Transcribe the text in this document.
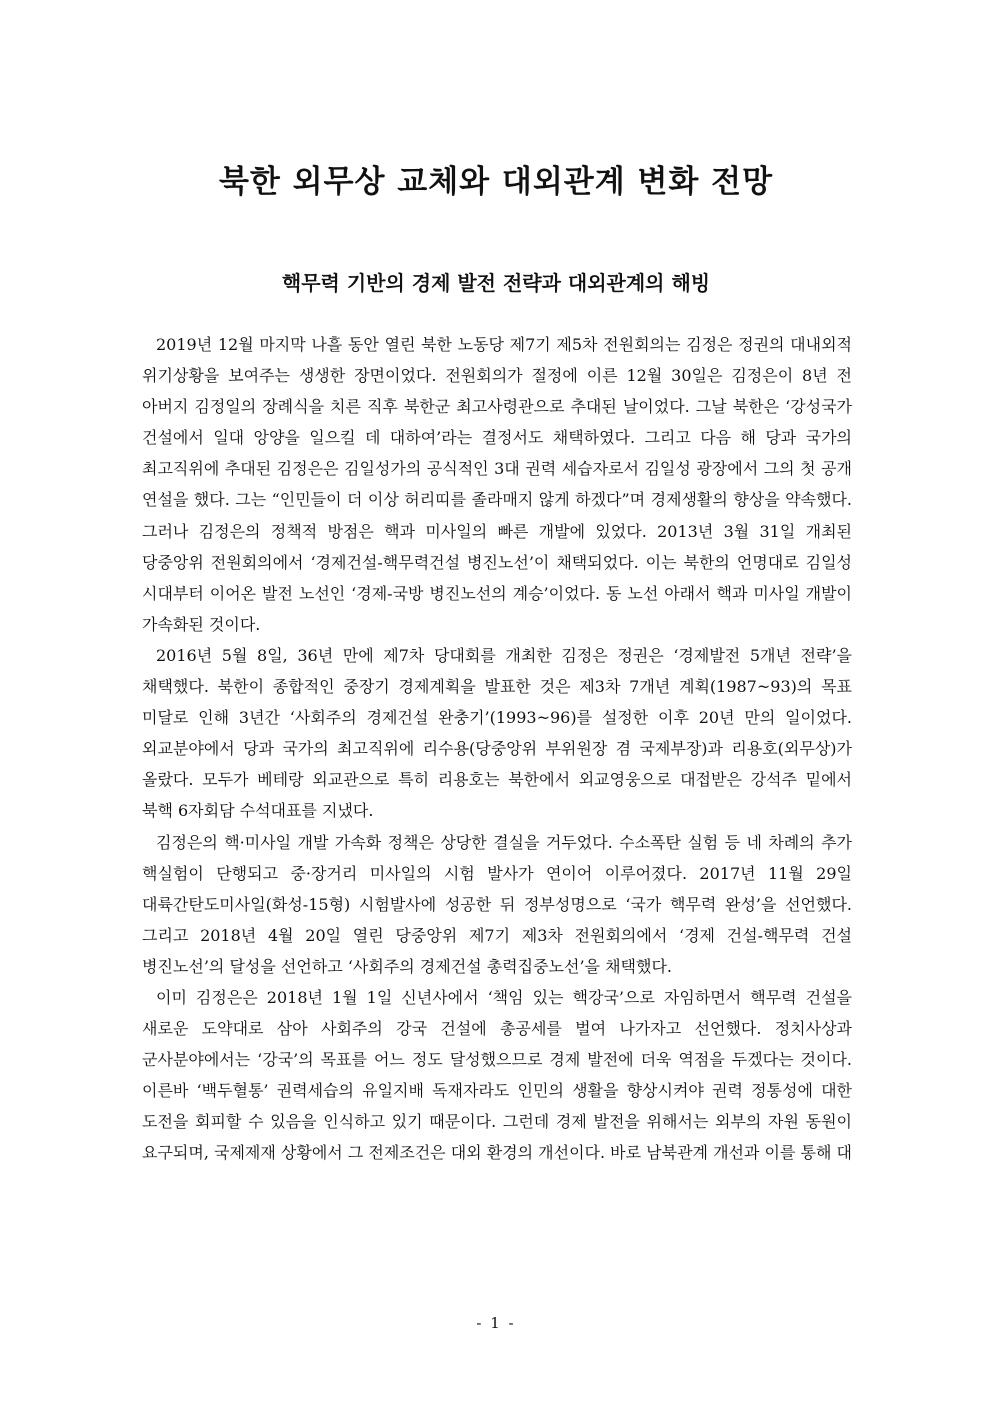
북한 외무상 교체와 대외관계 변화 전망
핵무력 기반의 경제 발전 전략과 대외관계의 해빙

2019년 12월 마지막 나흘 동안 열린 북한 노동당 제7기 제5차 전원회의는 김정은 정권의 대내외적 위기상황을 보여주는 생생한 장면이었다. 전원회의가 절정에 이른 12월 30일은 김정은이 8년 전 아버지 김정일의 장례식을 치른 직후 북한군 최고사령관으로 추대된 날이었다. 그날 북한은 ‘강성국가 건설에서 일대 앙양을 일으킬 데 대하여’라는 결정서도 채택하였다. 그리고 다음 해 당과 국가의 최고직위에 추대된 김정은은 김일성가의 공식적인 3대 권력 세습자로서 김일성 광장에서 그의 첫 공개 연설을 했다. 그는 “인민들이 더 이상 허리띠를 졸라매지 않게 하겠다”며 경제생활의 향상을 약속했다. 그러나 김정은의 정책적 방점은 핵과 미사일의 빠른 개발에 있었다. 2013년 3월 31일 개최된 당중앙위 전원회의에서 ‘경제건설-핵무력건설 병진노선’이 채택되었다. 이는 북한의 언명대로 김일성 시대부터 이어온 발전 노선인 ‘경제-국방 병진노선의 계승’이었다. 동 노선 아래서 핵과 미사일 개발이 가속화된 것이다.

2016년 5월 8일, 36년 만에 제7차 당대회를 개최한 김정은 정권은 ‘경제발전 5개년 전략’을 채택했다. 북한이 종합적인 중장기 경제계획을 발표한 것은 제3차 7개년 계획(1987~93)의 목표 미달로 인해 3년간 ‘사회주의 경제건설 완충기’(1993~96)를 설정한 이후 20년 만의 일이었다. 외교분야에서 당과 국가의 최고직위에 리수용(당중앙위 부위원장 겸 국제부장)과 리용호(외무상)가 올랐다. 모두가 베테랑 외교관으로 특히 리용호는 북한에서 외교영웅으로 대접받은 강석주 밑에서 북핵 6자회담 수석대표를 지냈다.

김정은의 핵·미사일 개발 가속화 정책은 상당한 결실을 거두었다. 수소폭탄 실험 등 네 차례의 추가 핵실험이 단행되고 중·장거리 미사일의 시험 발사가 연이어 이루어졌다. 2017년 11월 29일 대륙간탄도미사일(화성-15형) 시험발사에 성공한 뒤 정부성명으로 ‘국가 핵무력 완성’을 선언했다. 그리고 2018년 4월 20일 열린 당중앙위 제7기 제3차 전원회의에서 ‘경제 건설-핵무력 건설 병진노선’의 달성을 선언하고 ‘사회주의 경제건설 총력집중노선’을 채택했다.

이미 김정은은 2018년 1월 1일 신년사에서 ‘책임 있는 핵강국’으로 자임하면서 핵무력 건설을 새로운 도약대로 삼아 사회주의 강국 건설에 총공세를 벌여 나가자고 선언했다. 정치사상과 군사분야에서는 ‘강국’의 목표를 어느 정도 달성했으므로 경제 발전에 더욱 역점을 두겠다는 것이다. 이른바 ‘백두혈통’ 권력세습의 유일지배 독재자라도 인민의 생활을 향상시켜야 권력 정통성에 대한 도전을 회피할 수 있음을 인식하고 있기 때문이다. 그런데 경제 발전을 위해서는 외부의 자원 동원이 요구되며, 국제제재 상황에서 그 전제조건은 대외 환경의 개선이다. 바로 남북관계 개선과 이를 통해 대

- 1 -
